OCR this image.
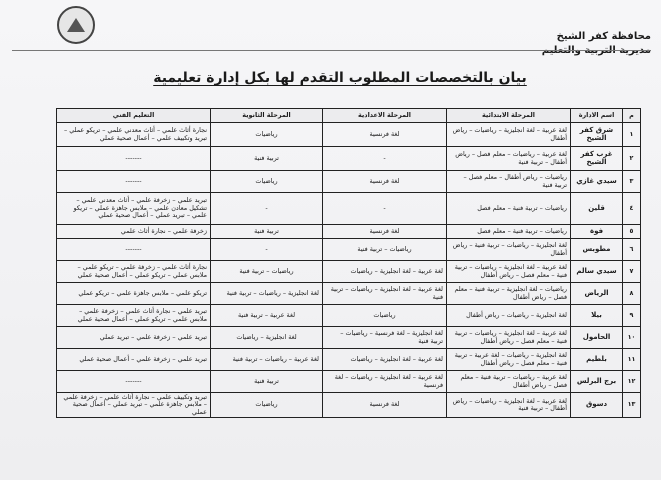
محافظة كفر الشيخ
مديرية التربية والتعليم
بيان بالتخصصات المطلوب التقدم لها بكل إدارة تعليمية
م	اسم الادارة	المرحلة الابتدائية	المرحلة الاعدادية	المرحلة الثانوية	التعليم الفني
١	شرق كفر الشيخ	لغة عربية – لغة انجليزية – رياضيات – رياض أطفال	لغة فرنسية	رياضيات	نجارة أثاث علمي – أثاث معدني علمي – تريكو عملي – تبريد وتكييف علمي – أعمال صحية عملي
٢	غرب كفر الشيخ	لغة عربية – رياضيات – معلم فصل – رياض أطفال – تربية فنية	-	تربية فنية	-------
٣	سيدي غازي	رياضيات – رياض أطفال – معلم فصل – تربية فنية	لغة فرنسية	رياضيات	-------
٤	قلين	رياضيات – تربية فنية – معلم فصل	-	-	تبريد علمي – زخرفة علمي – أثاث معدني علمي – تشكيل معادن علمي – ملابس جاهزة عملي – تريكو علمي – تبريد عملي – أعمال صحية عملي
٥	فوة	رياضيات – تربية فنية – معلم فصل	لغة فرنسية	تربية فنية	زخرفة علمي – نجارة أثاث علمي
٦	مطوبس	لغة انجليزية – رياضيات – تربية فنية – رياض أطفال	رياضيات – تربية فنية	-	-------
٧	سيدي سالم	لغة عربية – لغة انجليزية – رياضيات – تربية فنية – معلم فصل – رياض أطفال	لغة عربية – لغة انجليزية – رياضيات	رياضيات – تربية فنية	نجارة أثاث علمي – زخرفة علمي – تريكو علمي – ملابس عملي – تريكو عملي – أعمال صحية عملي
٨	الرياض	رياضيات – لغة انجليزية – تربية فنية – معلم فصل – رياض أطفال	لغة عربية – لغة انجليزية – رياضيات – تربية فنية	لغة انجليزية – رياضيات – تربية فنية	تريكو علمي – ملابس جاهزة علمي – تريكو عملي
٩	بيلا	لغة انجليزية – رياضيات – رياض أطفال	رياضيات	لغة عربية – تربية فنية	تبريد علمي – نجارة أثاث علمي – زخرفة علمي – ملابس علمي – تريكو عملي – أعمال صحية عملي
١٠	الحامول	لغة عربية – لغة انجليزية – رياضيات – تربية فنية – معلم فصل – رياض أطفال	لغة انجليزية – لغة فرنسية – رياضيات – تربية فنية	لغة انجليزية – رياضيات	تبريد علمي – زخرفة علمي – تبريد عملي
١١	بلطيم	لغة انجليزية – رياضيات – لغة عربية – تربية فنية – معلم فصل – رياض أطفال	لغة عربية – لغة انجليزية – رياضيات	لغة عربية – رياضيات – تربية فنية	تبريد علمي – زخرفة علمي – أعمال صحية عملي
١٢	برج البرلس	لغة عربية – رياضيات – تربية فنية – معلم فصل – رياض أطفال	لغة عربية – لغة انجليزية – رياضيات – لغة فرنسية	تربية فنية	-------
١٣	دسوق	لغة عربية – لغة انجليزية – رياضيات – رياض أطفال – تربية فنية	لغة فرنسية	رياضيات	تبريد وتكييف علمي – نجارة أثاث علمي – زخرفة علمي – ملابس جاهزة علمي – تبريد عملي – أعمال صحية عملي
